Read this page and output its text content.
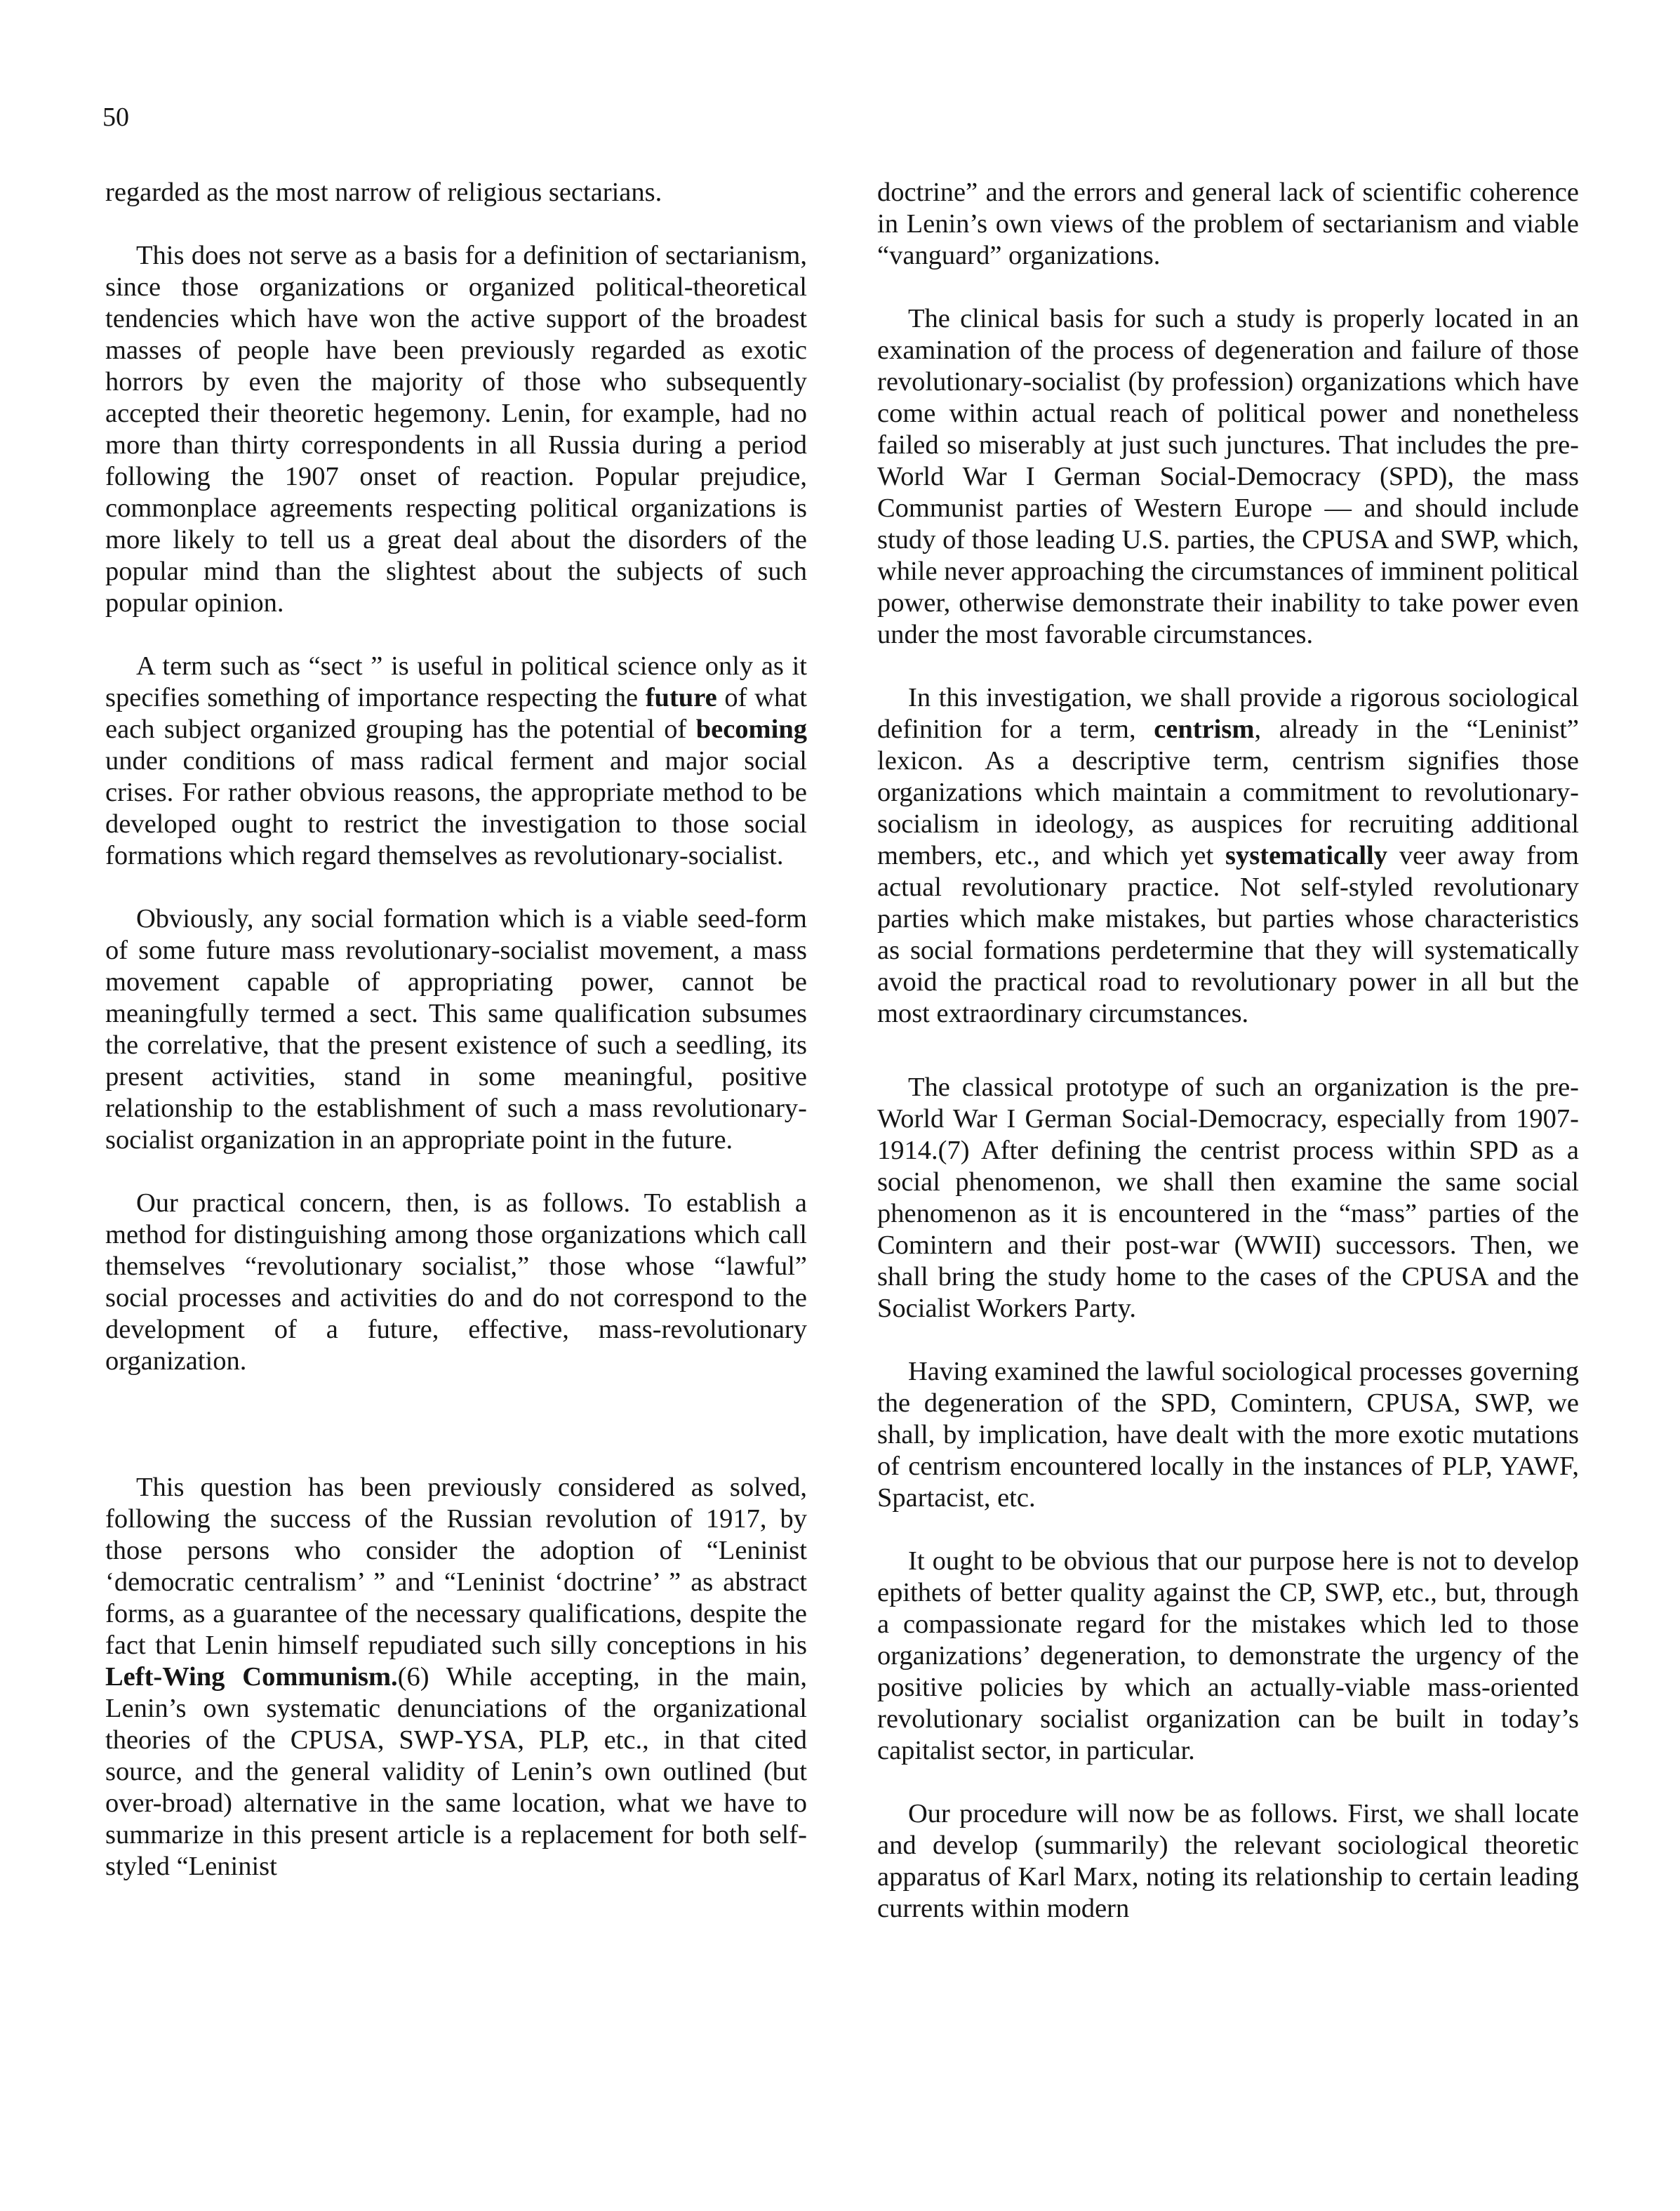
50

regarded as the most narrow of religious sectarians.

This does not serve as a basis for a definition of sectarianism, since those organizations or organized political-theoretical tendencies which have won the active support of the broadest masses of people have been previously regarded as exotic horrors by even the majority of those who subsequently accepted their theoretic hegemony. Lenin, for example, had no more than thirty correspondents in all Russia during a period following the 1907 onset of reaction. Popular prejudice, commonplace agreements respecting political organizations is more likely to tell us a great deal about the disorders of the popular mind than the slightest about the subjects of such popular opinion.

A term such as “sect ” is useful in political science only as it specifies something of importance respecting the future of what each subject organized grouping has the potential of becoming under conditions of mass radical ferment and major social crises. For rather obvious reasons, the appropriate method to be developed ought to restrict the investigation to those social formations which regard themselves as revolutionary-socialist.

Obviously, any social formation which is a viable seed-form of some future mass revolutionary-socialist movement, a mass movement capable of appropriating power, cannot be meaningfully termed a sect. This same qualification subsumes the correlative, that the present existence of such a seedling, its present activities, stand in some meaningful, positive relationship to the establishment of such a mass revolutionary-socialist organization in an appropriate point in the future.

Our practical concern, then, is as follows. To establish a method for distinguishing among those organizations which call themselves “revolutionary socialist,” those whose “lawful” social processes and activities do and do not correspond to the development of a future, effective, mass-revolutionary organization.

This question has been previously considered as solved, following the success of the Russian revolution of 1917, by those persons who consider the adoption of “Leninist ‘democratic centralism’ ” and “Leninist ‘doctrine’ ” as abstract forms, as a guarantee of the necessary qualifications, despite the fact that Lenin himself repudiated such silly conceptions in his Left-Wing Communism.(6) While accepting, in the main, Lenin’s own systematic denunciations of the organizational theories of the CPUSA, SWP-YSA, PLP, etc., in that cited source, and the general validity of Lenin’s own outlined (but over-broad) alternative in the same location, what we have to summarize in this present article is a replacement for both self-styled “Leninist

doctrine” and the errors and general lack of scientific coherence in Lenin’s own views of the problem of sectarianism and viable “vanguard” organizations.

The clinical basis for such a study is properly located in an examination of the process of degeneration and failure of those revolutionary-socialist (by profession) organizations which have come within actual reach of political power and nonetheless failed so miserably at just such junctures. That includes the pre-World War I German Social-Democracy (SPD), the mass Communist parties of Western Europe — and should include study of those leading U.S. parties, the CPUSA and SWP, which, while never approaching the circumstances of imminent political power, otherwise demonstrate their inability to take power even under the most favorable circumstances.

In this investigation, we shall provide a rigorous sociological definition for a term, centrism, already in the “Leninist” lexicon. As a descriptive term, centrism signifies those organizations which maintain a commitment to revolutionary-socialism in ideology, as auspices for recruiting additional members, etc., and which yet systematically veer away from actual revolutionary practice. Not self-styled revolutionary parties which make mistakes, but parties whose characteristics as social formations perdetermine that they will systematically avoid the practical road to revolutionary power in all but the most extraordinary circumstances.

The classical prototype of such an organization is the pre-World War I German Social-Democracy, especially from 1907-1914.(7) After defining the centrist process within SPD as a social phenomenon, we shall then examine the same social phenomenon as it is encountered in the “mass” parties of the Comintern and their post-war (WWII) successors. Then, we shall bring the study home to the cases of the CPUSA and the Socialist Workers Party.

Having examined the lawful sociological processes governing the degeneration of the SPD, Comintern, CPUSA, SWP, we shall, by implication, have dealt with the more exotic mutations of centrism encountered locally in the instances of PLP, YAWF, Spartacist, etc.

It ought to be obvious that our purpose here is not to develop epithets of better quality against the CP, SWP, etc., but, through a compassionate regard for the mistakes which led to those organizations’ degeneration, to demonstrate the urgency of the positive policies by which an actually-viable mass-oriented revolutionary socialist organization can be built in today’s capitalist sector, in particular.

Our procedure will now be as follows. First, we shall locate and develop (summarily) the relevant sociological theoretic apparatus of Karl Marx, noting its relationship to certain leading currents within modern
